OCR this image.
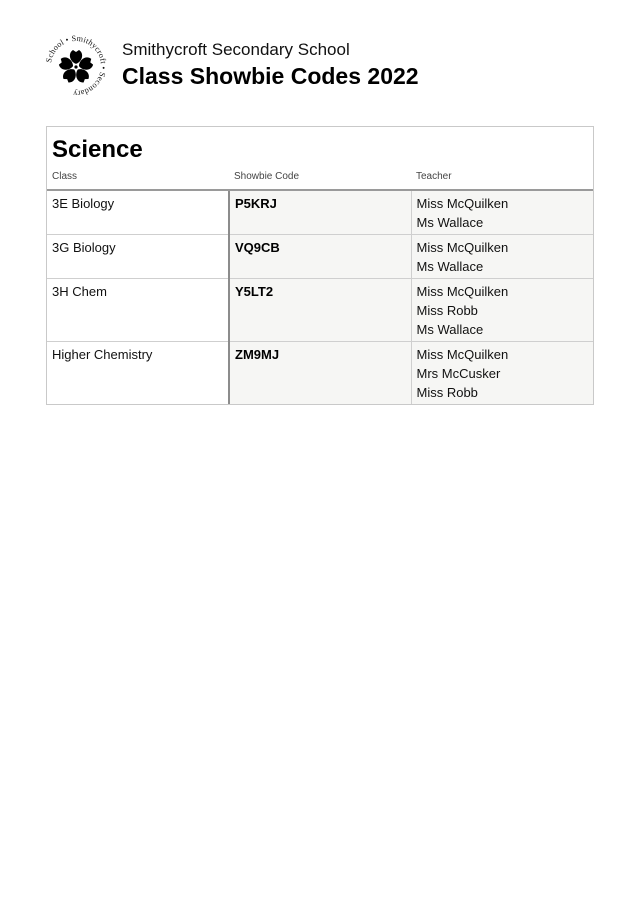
School • Smithycroft • Secondary
Smithycroft Secondary School
Class Showbie Codes 2022
Science
Class	Showbie Code	Teacher
3E Biology	P5KRJ	Miss McQuilken
Ms Wallace

3G Biology	VQ9CB	Miss McQuilken
Ms Wallace

3H Chem	Y5LT2	Miss McQuilken
Miss Robb
Ms Wallace

Higher Chemistry	ZM9MJ	Miss McQuilken
Mrs McCusker
Miss Robb
